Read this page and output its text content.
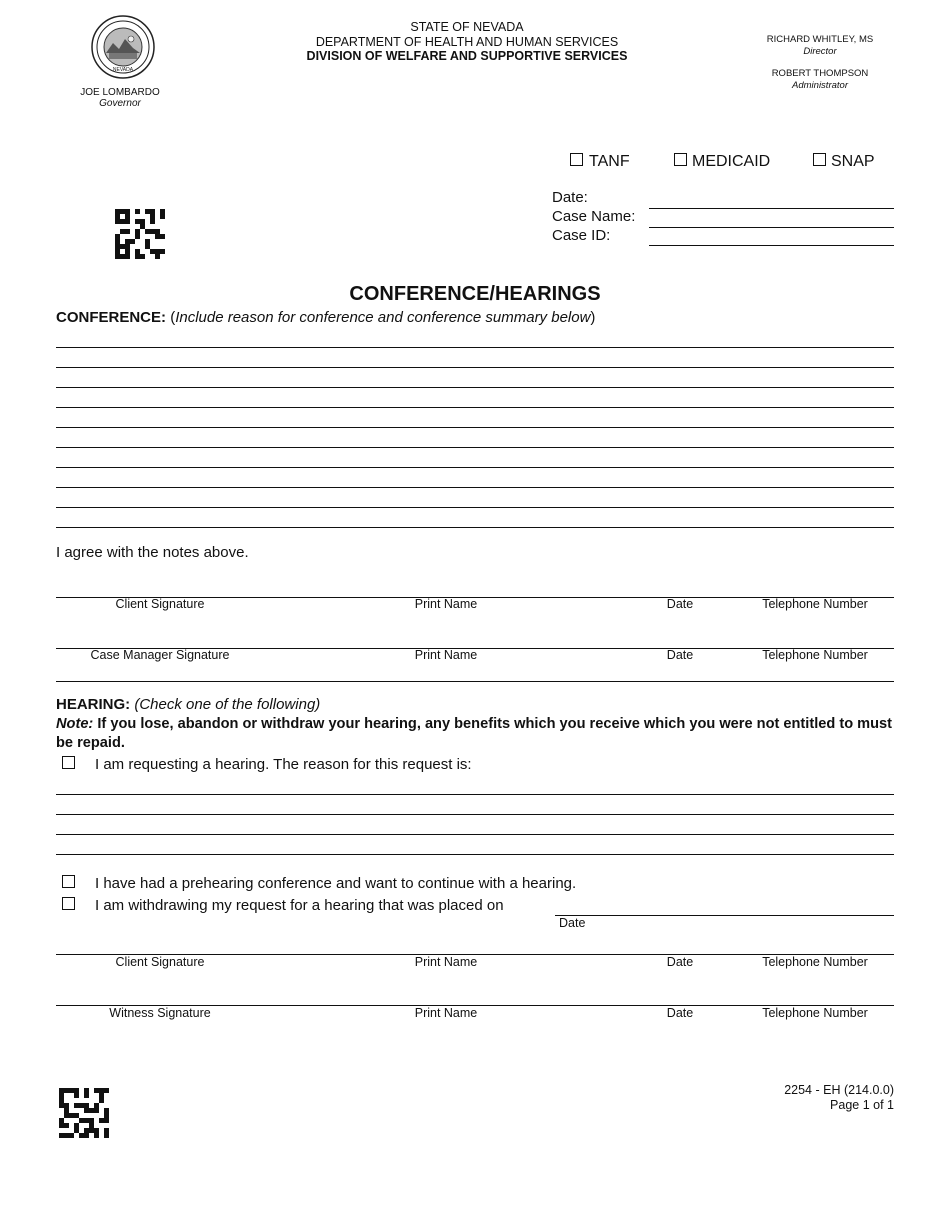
NEVADA
JOE LOMBARDO
Governor
STATE OF NEVADA
DEPARTMENT OF HEALTH AND HUMAN SERVICES
DIVISION OF WELFARE AND SUPPORTIVE SERVICES
RICHARD WHITLEY, MS
Director
ROBERT THOMPSON
Administrator
TANF	MEDICAID	SNAP
Date:
Case Name:
Case ID:
CONFERENCE/HEARINGS
CONFERENCE: (Include reason for conference and conference summary below)
I agree with the notes above.
Client Signature	Print Name	Date	Telephone Number
Case Manager Signature	Print Name	Date	Telephone Number
HEARING: (Check one of the following)
Note: If you lose, abandon or withdraw your hearing, any benefits which you receive which you were not entitled to must be repaid.
I am requesting a hearing. The reason for this request is:
I have had a prehearing conference and want to continue with a hearing.
I am withdrawing my request for a hearing that was placed on
Date
Client Signature	Print Name	Date	Telephone Number
Witness Signature	Print Name	Date	Telephone Number
2254 - EH (214.0.0)
Page 1 of 1
